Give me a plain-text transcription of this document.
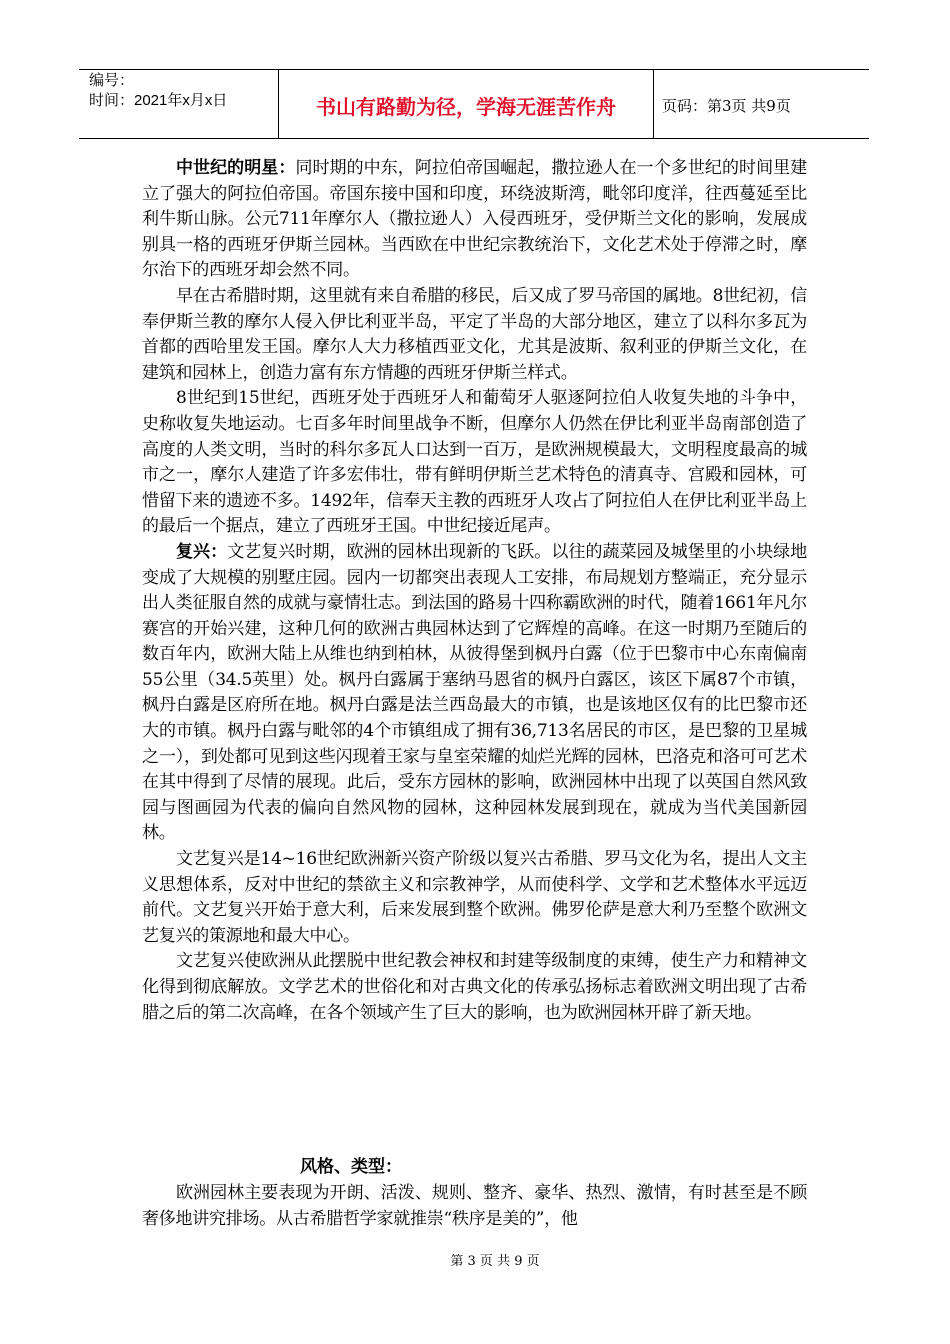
编号：
时间：2021年x月x日	书山有路勤为径，学海无涯苦作舟	页码：第3页 共9页

中世纪的明星：同时期的中东，阿拉伯帝国崛起，撒拉逊人在一个多世纪的时间里建立了强大的阿拉伯帝国。帝国东接中国和印度，环绕波斯湾，毗邻印度洋，往西蔓延至比利牛斯山脉。公元711年摩尔人（撒拉逊人）入侵西班牙，受伊斯兰文化的影响，发展成别具一格的西班牙伊斯兰园林。当西欧在中世纪宗教统治下，文化艺术处于停滞之时，摩尔治下的西班牙却会然不同。

早在古希腊时期，这里就有来自希腊的移民，后又成了罗马帝国的属地。8世纪初，信奉伊斯兰教的摩尔人侵入伊比利亚半岛，平定了半岛的大部分地区，建立了以科尔多瓦为首都的西哈里发王国。摩尔人大力移植西亚文化，尤其是波斯、叙利亚的伊斯兰文化，在建筑和园林上，创造力富有东方情趣的西班牙伊斯兰样式。

8世纪到15世纪，西班牙处于西班牙人和葡萄牙人驱逐阿拉伯人收复失地的斗争中，史称收复失地运动。七百多年时间里战争不断，但摩尔人仍然在伊比利亚半岛南部创造了高度的人类文明，当时的科尔多瓦人口达到一百万，是欧洲规模最大，文明程度最高的城市之一，摩尔人建造了许多宏伟壮，带有鲜明伊斯兰艺术特色的清真寺、宫殿和园林，可惜留下来的遗迹不多。1492年，信奉天主教的西班牙人攻占了阿拉伯人在伊比利亚半岛上的最后一个据点，建立了西班牙王国。中世纪接近尾声。

复兴：文艺复兴时期，欧洲的园林出现新的飞跃。以往的蔬菜园及城堡里的小块绿地变成了大规模的别墅庄园。园内一切都突出表现人工安排，布局规划方整端正，充分显示出人类征服自然的成就与豪情壮志。到法国的路易十四称霸欧洲的时代，随着1661年凡尔赛宫的开始兴建，这种几何的欧洲古典园林达到了它辉煌的高峰。在这一时期乃至随后的数百年内，欧洲大陆上从维也纳到柏林，从彼得堡到枫丹白露（位于巴黎市中心东南偏南55公里（34.5英里）处。枫丹白露属于塞纳马恩省的枫丹白露区，该区下属87个市镇，枫丹白露是区府所在地。枫丹白露是法兰西岛最大的市镇，也是该地区仅有的比巴黎市还大的市镇。枫丹白露与毗邻的4个市镇组成了拥有36,713名居民的市区，是巴黎的卫星城之一），到处都可见到这些闪现着王家与皇室荣耀的灿烂光辉的园林，巴洛克和洛可可艺术在其中得到了尽情的展现。此后，受东方园林的影响，欧洲园林中出现了以英国自然风致园与图画园为代表的偏向自然风物的园林，这种园林发展到现在，就成为当代美国新园林。

文艺复兴是14~16世纪欧洲新兴资产阶级以复兴古希腊、罗马文化为名，提出人文主义思想体系，反对中世纪的禁欲主义和宗教神学，从而使科学、文学和艺术整体水平远迈前代。文艺复兴开始于意大利，后来发展到整个欧洲。佛罗伦萨是意大利乃至整个欧洲文艺复兴的策源地和最大中心。

文艺复兴使欧洲从此摆脱中世纪教会神权和封建等级制度的束缚，使生产力和精神文化得到彻底解放。文学艺术的世俗化和对古典文化的传承弘扬标志着欧洲文明出现了古希腊之后的第二次高峰，在各个领域产生了巨大的影响，也为欧洲园林开辟了新天地。

风格、类型：

欧洲园林主要表现为开朗、活泼、规则、整齐、豪华、热烈、激情，有时甚至是不顾奢侈地讲究排场。从古希腊哲学家就推崇“秩序是美的”，他

第 3 页 共 9 页
